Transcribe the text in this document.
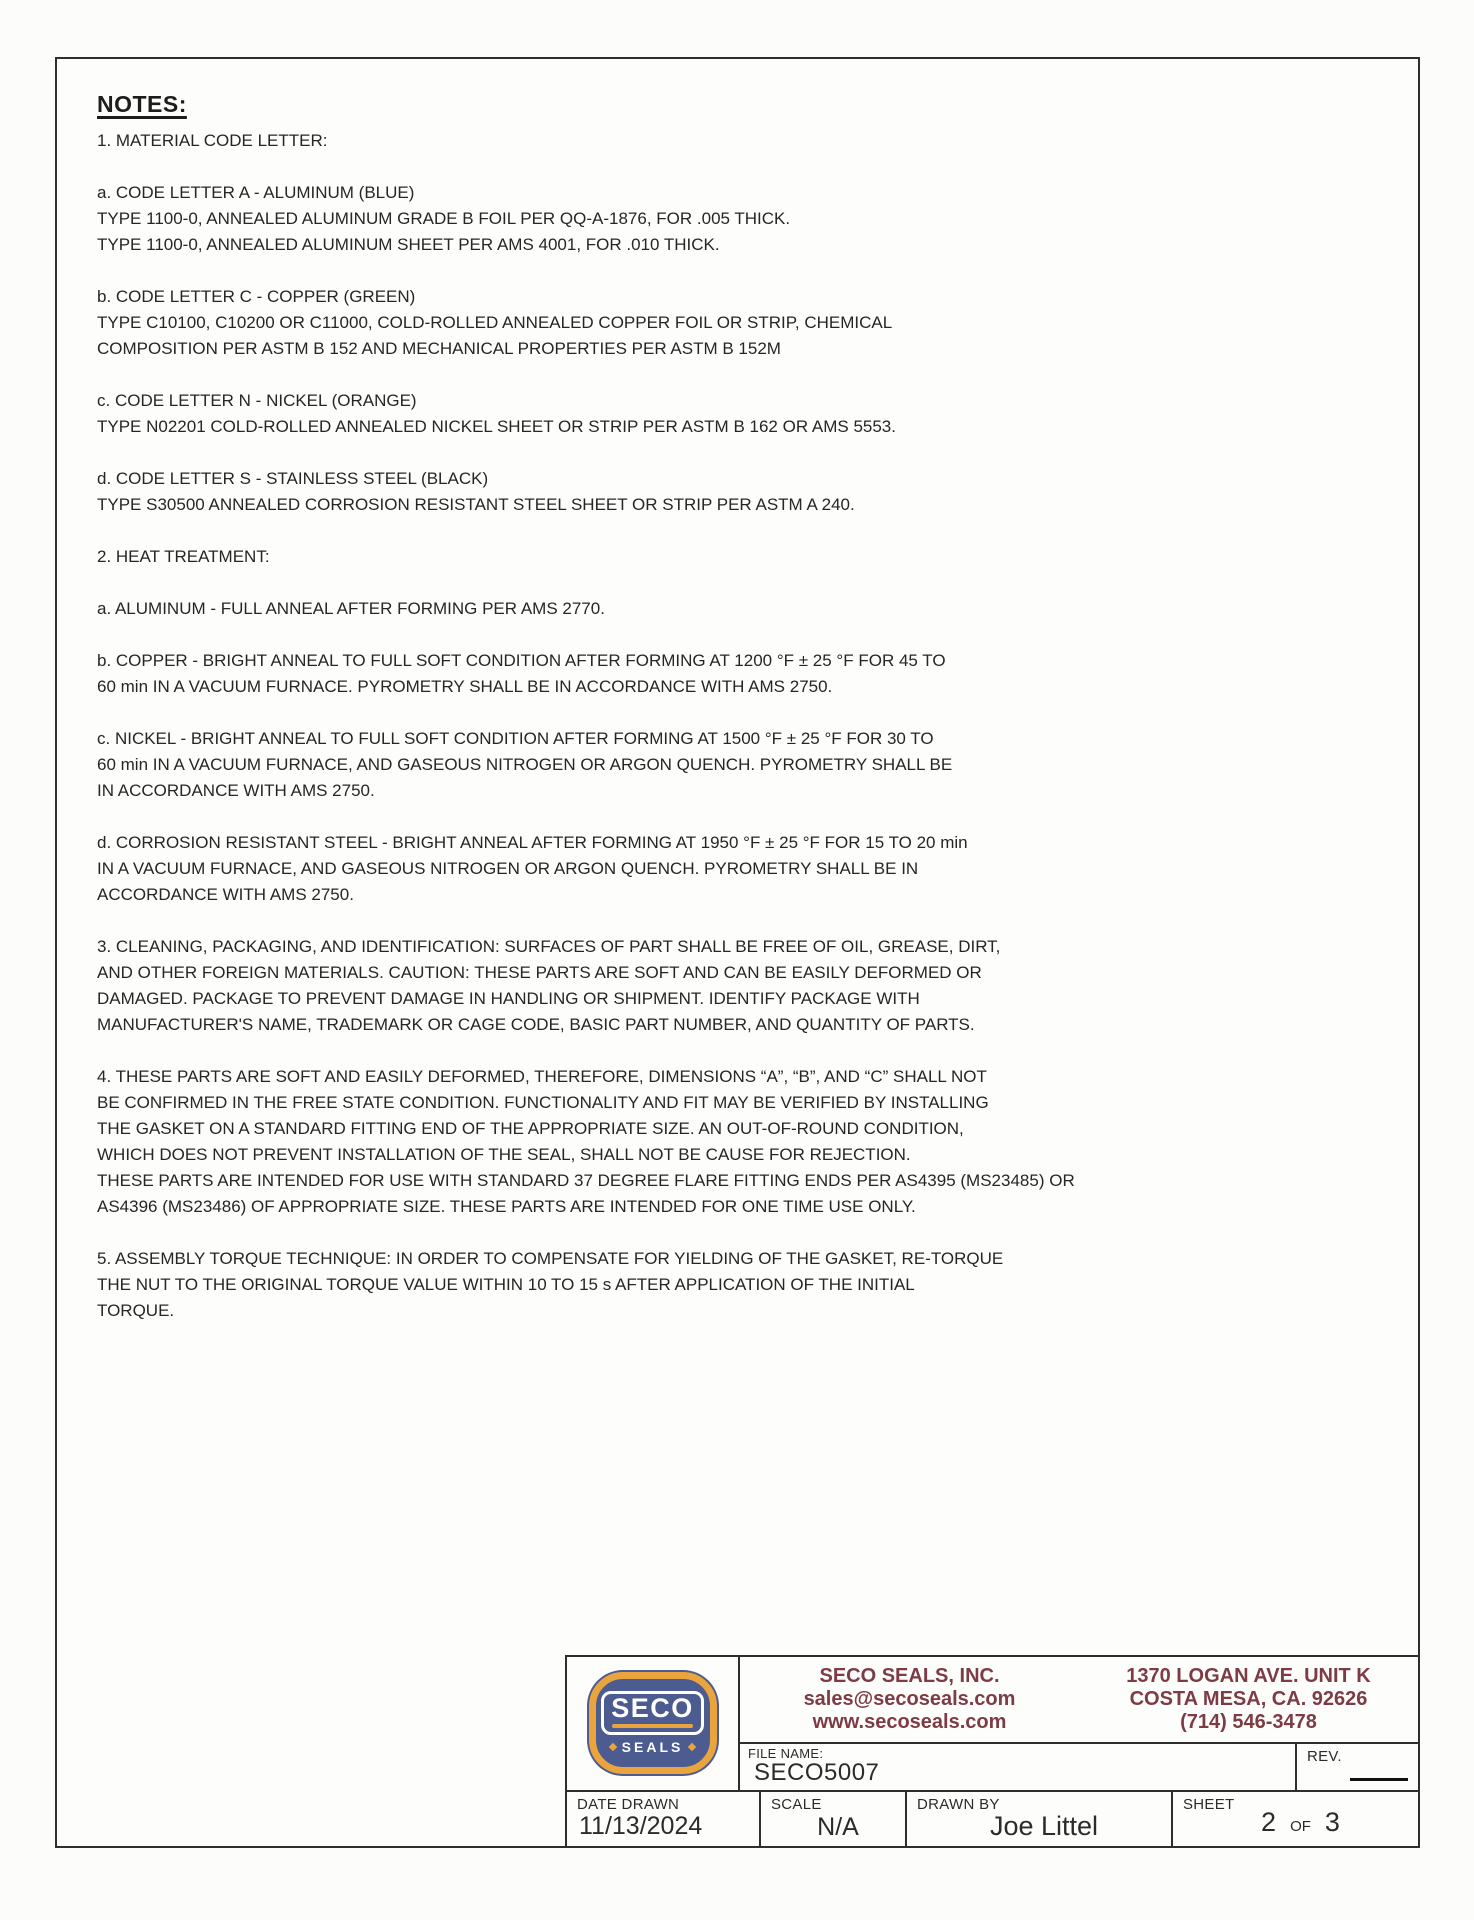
NOTES:
1. MATERIAL CODE LETTER:
a. CODE LETTER A - ALUMINUM (BLUE)
TYPE 1100-0, ANNEALED ALUMINUM GRADE B FOIL PER QQ-A-1876, FOR .005 THICK.
TYPE 1100-0, ANNEALED ALUMINUM SHEET PER AMS 4001, FOR .010 THICK.
b. CODE LETTER C - COPPER (GREEN)
TYPE C10100, C10200 OR C11000, COLD-ROLLED ANNEALED COPPER FOIL OR STRIP, CHEMICAL
COMPOSITION PER ASTM B 152 AND MECHANICAL PROPERTIES PER ASTM B 152M
c. CODE LETTER N - NICKEL (ORANGE)
TYPE N02201 COLD-ROLLED ANNEALED NICKEL SHEET OR STRIP PER ASTM B 162 OR AMS 5553.
d. CODE LETTER S - STAINLESS STEEL (BLACK)
TYPE S30500 ANNEALED CORROSION RESISTANT STEEL SHEET OR STRIP PER ASTM A 240.
2. HEAT TREATMENT:
a. ALUMINUM - FULL ANNEAL AFTER FORMING PER AMS 2770.
b. COPPER - BRIGHT ANNEAL TO FULL SOFT CONDITION AFTER FORMING AT 1200 °F ± 25 °F FOR 45 TO
60 min IN A VACUUM FURNACE. PYROMETRY SHALL BE IN ACCORDANCE WITH AMS 2750.
c. NICKEL - BRIGHT ANNEAL TO FULL SOFT CONDITION AFTER FORMING AT 1500 °F ± 25 °F FOR 30 TO
60 min IN A VACUUM FURNACE, AND GASEOUS NITROGEN OR ARGON QUENCH. PYROMETRY SHALL BE
IN ACCORDANCE WITH AMS 2750.
d. CORROSION RESISTANT STEEL - BRIGHT ANNEAL AFTER FORMING AT 1950 °F ± 25 °F FOR 15 TO 20 min
IN A VACUUM FURNACE, AND GASEOUS NITROGEN OR ARGON QUENCH. PYROMETRY SHALL BE IN
ACCORDANCE WITH AMS 2750.
3. CLEANING, PACKAGING, AND IDENTIFICATION: SURFACES OF PART SHALL BE FREE OF OIL, GREASE, DIRT,
AND OTHER FOREIGN MATERIALS. CAUTION: THESE PARTS ARE SOFT AND CAN BE EASILY DEFORMED OR
DAMAGED. PACKAGE TO PREVENT DAMAGE IN HANDLING OR SHIPMENT. IDENTIFY PACKAGE WITH
MANUFACTURER'S NAME, TRADEMARK OR CAGE CODE, BASIC PART NUMBER, AND QUANTITY OF PARTS.
4. THESE PARTS ARE SOFT AND EASILY DEFORMED, THEREFORE, DIMENSIONS “A”, “B”, AND “C” SHALL NOT
BE CONFIRMED IN THE FREE STATE CONDITION. FUNCTIONALITY AND FIT MAY BE VERIFIED BY INSTALLING
THE GASKET ON A STANDARD FITTING END OF THE APPROPRIATE SIZE. AN OUT-OF-ROUND CONDITION,
WHICH DOES NOT PREVENT INSTALLATION OF THE SEAL, SHALL NOT BE CAUSE FOR REJECTION.
THESE PARTS ARE INTENDED FOR USE WITH STANDARD 37 DEGREE FLARE FITTING ENDS PER AS4395 (MS23485) OR
AS4396 (MS23486) OF APPROPRIATE SIZE. THESE PARTS ARE INTENDED FOR ONE TIME USE ONLY.
5. ASSEMBLY TORQUE TECHNIQUE: IN ORDER TO COMPENSATE FOR YIELDING OF THE GASKET, RE-TORQUE
THE NUT TO THE ORIGINAL TORQUE VALUE WITHIN 10 TO 15 s AFTER APPLICATION OF THE INITIAL
TORQUE.
SECO
SEALS
SECO SEALS, INC.
sales@secoseals.com
www.secoseals.com
1370 LOGAN AVE. UNIT K
COSTA MESA, CA. 92626
(714) 546-3478
FILE NAME:
SECO5007
REV.
DATE DRAWN
11/13/2024
SCALE
N/A
DRAWN BY
Joe Littel
SHEET
2 OF 3
